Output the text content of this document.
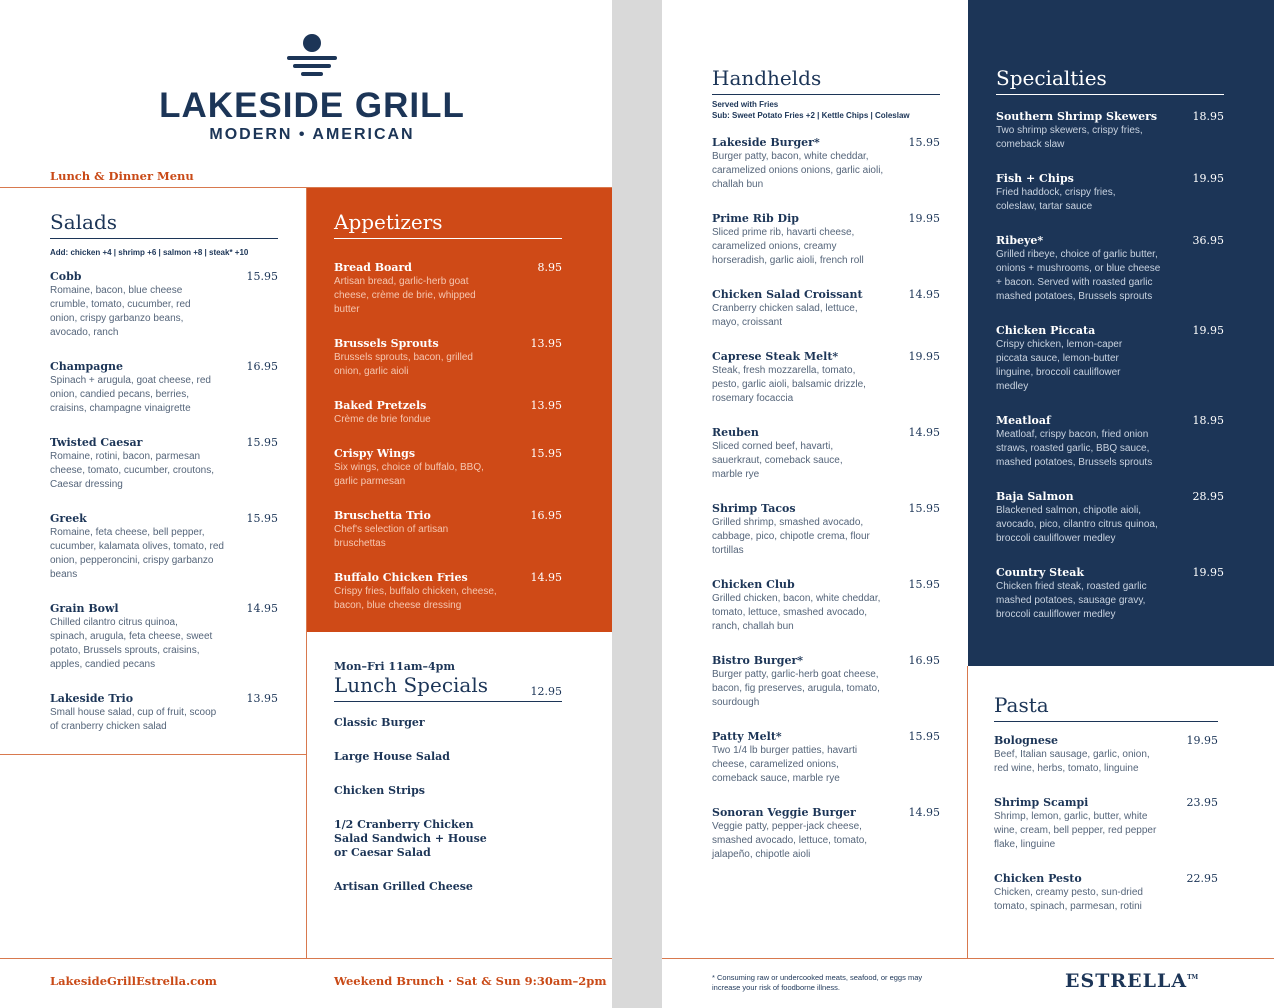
LAKESIDE GRILL
MODERN • AMERICAN
Lunch & Dinner Menu
Salads
Add: chicken +4 | shrimp +6 | salmon +8 | steak* +10
Cobb	15.95
Romaine, bacon, blue cheese crumble, tomato, cucumber, red onion, crispy garbanzo beans, avocado, ranch
Champagne	16.95
Spinach + arugula, goat cheese, red onion, candied pecans, berries, craisins, champagne vinaigrette
Twisted Caesar	15.95
Romaine, rotini, bacon, parmesan cheese, tomato, cucumber, croutons, Caesar dressing
Greek	15.95
Romaine, feta cheese, bell pepper, cucumber, kalamata olives, tomato, red onion, pepperoncini, crispy garbanzo beans
Grain Bowl	14.95
Chilled cilantro citrus quinoa, spinach, arugula, feta cheese, sweet potato, Brussels sprouts, craisins, apples, candied pecans
Lakeside Trio	13.95
Small house salad, cup of fruit, scoop of cranberry chicken salad
Appetizers
Bread Board	8.95
Artisan bread, garlic-herb goat cheese, crème de brie, whipped butter
Brussels Sprouts	13.95
Brussels sprouts, bacon, grilled onion, garlic aioli
Baked Pretzels	13.95
Crème de brie fondue
Crispy Wings	15.95
Six wings, choice of buffalo, BBQ, garlic parmesan
Bruschetta Trio	16.95
Chef's selection of artisan bruschettas
Buffalo Chicken Fries	14.95
Crispy fries, buffalo chicken, cheese, bacon, blue cheese dressing
Mon–Fri 11am–4pm
Lunch Specials	12.95
Classic Burger
Large House Salad
Chicken Strips
1/2 Cranberry Chicken Salad Sandwich + House or Caesar Salad
Artisan Grilled Cheese
LakesideGrillEstrella.com	Weekend Brunch · Sat & Sun 9:30am–2pm
Handhelds
Served with Fries
Sub: Sweet Potato Fries +2 | Kettle Chips | Coleslaw
Lakeside Burger*	15.95
Burger patty, bacon, white cheddar, caramelized onions onions, garlic aioli, challah bun
Prime Rib Dip	19.95
Sliced prime rib, havarti cheese, caramelized onions, creamy horseradish, garlic aioli, french roll
Chicken Salad Croissant	14.95
Cranberry chicken salad, lettuce, mayo, croissant
Caprese Steak Melt*	19.95
Steak, fresh mozzarella, tomato, pesto, garlic aioli, balsamic drizzle, rosemary focaccia
Reuben	14.95
Sliced corned beef, havarti, sauerkraut, comeback sauce, marble rye
Shrimp Tacos	15.95
Grilled shrimp, smashed avocado, cabbage, pico, chipotle crema, flour tortillas
Chicken Club	15.95
Grilled chicken, bacon, white cheddar, tomato, lettuce, smashed avocado, ranch, challah bun
Bistro Burger*	16.95
Burger patty, garlic-herb goat cheese, bacon, fig preserves, arugula, tomato, sourdough
Patty Melt*	15.95
Two 1/4 lb burger patties, havarti cheese, caramelized onions, comeback sauce, marble rye
Sonoran Veggie Burger	14.95
Veggie patty, pepper-jack cheese, smashed avocado, lettuce, tomato, jalapeño, chipotle aioli
Specialties
Southern Shrimp Skewers	18.95
Two shrimp skewers, crispy fries, comeback slaw
Fish + Chips	19.95
Fried haddock, crispy fries, coleslaw, tartar sauce
Ribeye*	36.95
Grilled ribeye, choice of garlic butter, onions + mushrooms, or blue cheese + bacon. Served with roasted garlic mashed potatoes, Brussels sprouts
Chicken Piccata	19.95
Crispy chicken, lemon-caper piccata sauce, lemon-butter linguine, broccoli cauliflower medley
Meatloaf	18.95
Meatloaf, crispy bacon, fried onion straws, roasted garlic, BBQ sauce, mashed potatoes, Brussels sprouts
Baja Salmon	28.95
Blackened salmon, chipotle aioli, avocado, pico, cilantro citrus quinoa, broccoli cauliflower medley
Country Steak	19.95
Chicken fried steak, roasted garlic mashed potatoes, sausage gravy, broccoli cauliflower medley
Pasta
Bolognese	19.95
Beef, Italian sausage, garlic, onion, red wine, herbs, tomato, linguine
Shrimp Scampi	23.95
Shrimp, lemon, garlic, butter, white wine, cream, bell pepper, red pepper flake, linguine
Chicken Pesto	22.95
Chicken, creamy pesto, sun-dried tomato, spinach, parmesan, rotini
* Consuming raw or undercooked meats, seafood, or eggs may increase your risk of foodborne illness.	ESTRELLA™
